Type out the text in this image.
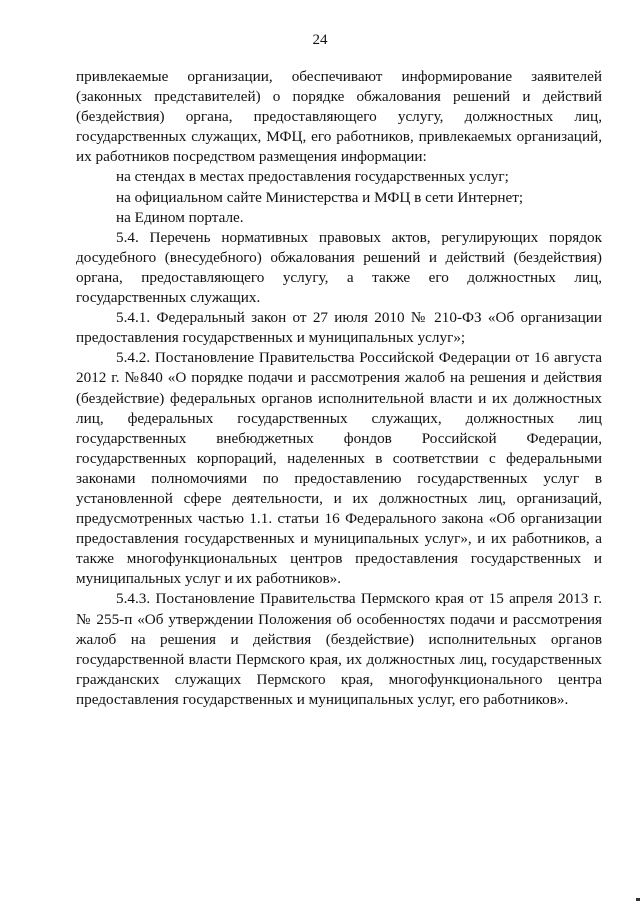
24

привлекаемые организации, обеспечивают информирование заявителей (законных представителей) о порядке обжалования решений и действий (бездействия) органа, предоставляющего услугу, должностных лиц, государственных служащих, МФЦ, его работников, привлекаемых организаций, их работников посредством размещения информации:

на стендах в местах предоставления государственных услуг;

на официальном сайте Министерства и МФЦ в сети Интернет;

на Едином портале.

5.4. Перечень нормативных правовых актов, регулирующих порядок досудебного (внесудебного) обжалования решений и действий (бездействия) органа, предоставляющего услугу, а также его должностных лиц, государственных служащих.

5.4.1. Федеральный закон от 27 июля 2010 № 210-ФЗ «Об организации предоставления государственных и муниципальных услуг»;

5.4.2. Постановление Правительства Российской Федерации от 16 августа 2012 г. №840 «О порядке подачи и рассмотрения жалоб на решения и действия (бездействие) федеральных органов исполнительной власти и их должностных лиц, федеральных государственных служащих, должностных лиц государственных внебюджетных фондов Российской Федерации, государственных корпораций, наделенных в соответствии с федеральными законами полномочиями по предоставлению государственных услуг в установленной сфере деятельности, и их должностных лиц, организаций, предусмотренных частью 1.1. статьи 16 Федерального закона «Об организации предоставления государственных и муниципальных услуг», и их работников, а также многофункциональных центров предоставления государственных и муниципальных услуг и их работников».

5.4.3. Постановление Правительства Пермского края от 15 апреля 2013 г. № 255-п «Об утверждении Положения об особенностях подачи и рассмотрения жалоб на решения и действия (бездействие) исполнительных органов государственной власти Пермского края, их должностных лиц, государственных гражданских служащих Пермского края, многофункционального центра предоставления государственных и муниципальных услуг, его работников».
